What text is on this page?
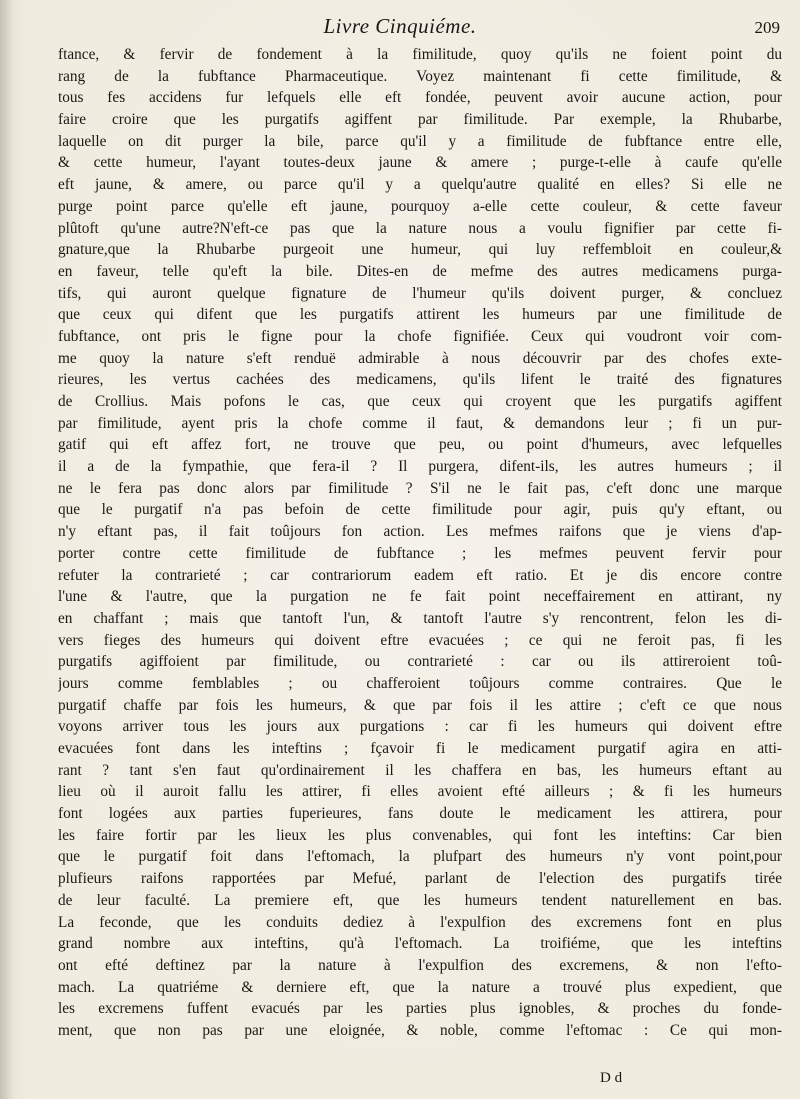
Livre Cinquiéme.	209
ftance, & fervir de fondement à la fimilitude, quoy qu'ils ne foient point du
rang de la fubftance Pharmaceutique. Voyez maintenant fi cette fimilitude, &
tous fes accidens fur lefquels elle eft fondée, peuvent avoir aucune action, pour
faire croire que les purgatifs agiffent par fimilitude. Par exemple, la Rhubarbe,
laquelle on dit purger la bile, parce qu'il y a fimilitude de fubftance entre elle,
& cette humeur, l'ayant toutes-deux jaune & amere ; purge-t-elle à caufe qu'elle
eft jaune, & amere, ou parce qu'il y a quelqu'autre qualité en elles? Si elle ne
purge point parce qu'elle eft jaune, pourquoy a-elle cette couleur, & cette faveur
plûtoft qu'une autre?N'eft-ce pas que la nature nous a voulu fignifier par cette fi-
gnature,que la Rhubarbe purgeoit une humeur, qui luy reffembloit en couleur,&
en faveur, telle qu'eft la bile. Dites-en de mefme des autres medicamens purga-
tifs, qui auront quelque fignature de l'humeur qu'ils doivent purger, & concluez
que ceux qui difent que les purgatifs attirent les humeurs par une fimilitude de
fubftance, ont pris le figne pour la chofe fignifiée. Ceux qui voudront voir com-
me quoy la nature s'eft renduë admirable à nous découvrir par des chofes exte-
rieures, les vertus cachées des medicamens, qu'ils lifent le traité des fignatures
de Crollius. Mais pofons le cas, que ceux qui croyent que les purgatifs agiffent
par fimilitude, ayent pris la chofe comme il faut, & demandons leur ; fi un pur-
gatif qui eft affez fort, ne trouve que peu, ou point d'humeurs, avec lefquelles
il a de la fympathie, que fera-il ? Il purgera, difent-ils, les autres humeurs ; il
ne le fera pas donc alors par fimilitude ? S'il ne le fait pas, c'eft donc une marque
que le purgatif n'a pas befoin de cette fimilitude pour agir, puis qu'y eftant, ou
n'y eftant pas, il fait toûjours fon action. Les mefmes raifons que je viens d'ap-
porter contre cette fimilitude de fubftance ; les mefmes peuvent fervir pour
refuter la contrarieté ; car contrariorum eadem eft ratio. Et je dis encore contre
l'une & l'autre, que la purgation ne fe fait point neceffairement en attirant, ny
en chaffant ; mais que tantoft l'un, & tantoft l'autre s'y rencontrent, felon les di-
vers fieges des humeurs qui doivent eftre evacuées ; ce qui ne feroit pas, fi les
purgatifs agiffoient par fimilitude, ou contrarieté : car ou ils attireroient toû-
jours comme femblables ; ou chafferoient toûjours comme contraires. Que le
purgatif chaffe par fois les humeurs, & que par fois il les attire ; c'eft ce que nous
voyons arriver tous les jours aux purgations : car fi les humeurs qui doivent eftre
evacuées font dans les inteftins ; fçavoir fi le medicament purgatif agira en atti-
rant ? tant s'en faut qu'ordinairement il les chaffera en bas, les humeurs eftant au
lieu où il auroit fallu les attirer, fi elles avoient efté ailleurs ; & fi les humeurs
font logées aux parties fuperieures, fans doute le medicament les attirera, pour
les faire fortir par les lieux les plus convenables, qui font les inteftins: Car bien
que le purgatif foit dans l'eftomach, la plufpart des humeurs n'y vont point,pour
plufieurs raifons rapportées par Mefué, parlant de l'election des purgatifs tirée
de leur faculté. La premiere eft, que les humeurs tendent naturellement en bas.
La feconde, que les conduits dediez à l'expulfion des excremens font en plus
grand nombre aux inteftins, qu'à l'eftomach. La troifiéme, que les inteftins
ont efté deftinez par la nature à l'expulfion des excremens, & non l'efto-
mach. La quatriéme & derniere eft, que la nature a trouvé plus expedient, que
les excremens fuffent evacués par les parties plus ignobles, & proches du fonde-
ment, que non pas par une eloignée, & noble, comme l'eftomac : Ce qui mon-
D d
